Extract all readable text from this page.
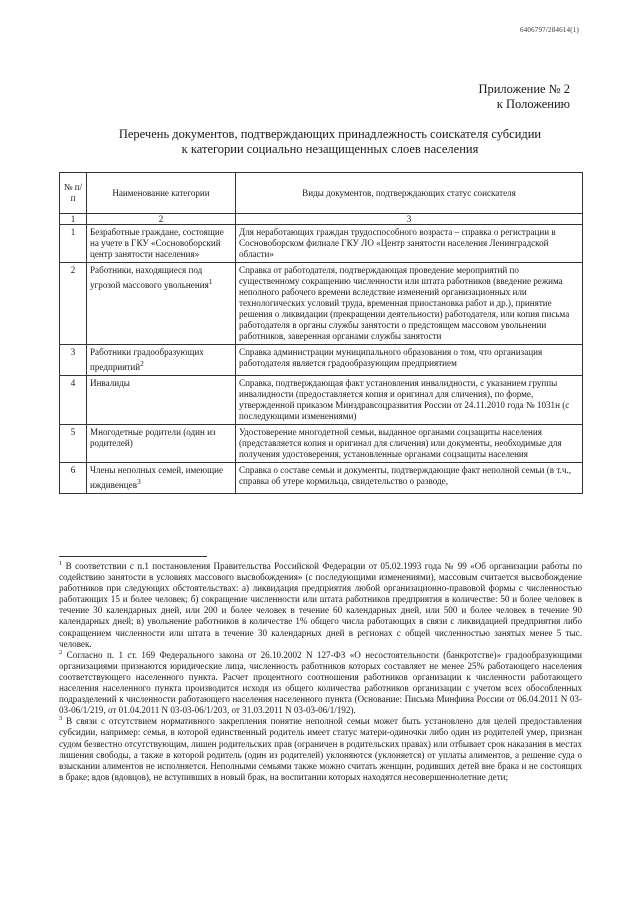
6406797/284614(1)
Приложение № 2
к Положению
Перечень документов, подтверждающих принадлежность соискателя субсидии
к категории социально незащищенных слоев населения
№ п/п	Наименование категории	Виды документов, подтверждающих статус соискателя
1	2	3
1	Безработные граждане, состоящие на учете в ГКУ «Сосновоборский центр занятости населения»	Для неработающих граждан трудоспособного возраста – справка о регистрации в Сосновоборском филиале ГКУ ЛО «Центр занятости населения Ленинградской области»
2	Работники, находящиеся под угрозой массового увольнения$^1$	Справка от работодателя, подтверждающая проведение мероприятий по существенному сокращению численности или штата работников (введение режима неполного рабочего времени вследствие изменений организационных или технологических условий труда, временная приостановка работ и др.), принятие решения о ликвидации (прекращении деятельности) работодателя, или копия письма работодателя в органы службы занятости о предстоящем массовом увольнении работников, заверенная органами службы занятости
3	Работники градообразующих предприятий$^2$	Справка администрации муниципального образования о том, что организация работодателя является градообразующим предприятием
4	Инвалиды	Справка, подтверждающая факт установления инвалидности, с указанием группы инвалидности (предоставляется копия и оригинал для сличения), по форме, утвержденной приказом Минздравсоцразвития России от 24.11.2010 года № 1031н (с последующими изменениями)
5	Многодетные родители (один из родителей)	Удостоверение многодетной семьи, выданное органами соцзащиты населения (представляется копия и оригинал для сличения) или документы, необходимые для получения удостоверения, установленные органами соцзащиты населения
6	Члены неполных семей, имеющие иждивенцев$^3$	Справка о составе семьи и документы, подтверждающие факт неполной семьи (в т.ч., справка об утере кормильца, свидетельство о разводе,

$^1$ В соответствии с п.1 постановления Правительства Российской Федерации от 05.02.1993 года № 99 «Об организации работы по содействию занятости в условиях массового высвобождения» (с последующими изменениями), массовым считается высвобождение работников при следующих обстоятельствах: а) ликвидация предприятия любой организационно-правовой формы с численностью работающих 15 и более человек; б) сокращение численности или штата работников предприятия в количестве: 50 и более человек в течение 30 календарных дней, или 200 и более человек в течение 60 календарных дней, или 500 и более человек в течение 90 календарных дней; в) увольнение работников в количестве 1% общего числа работающих в связи с ликвидацией предприятия либо сокращением численности или штата в течение 30 календарных дней в регионах с общей численностью занятых менее 5 тыс. человек.

$^2$ Согласно п. 1 ст. 169 Федерального закона от 26.10.2002 N 127-ФЗ «О несостоятельности (банкротстве)» градообразующими организациями признаются юридические лица, численность работников которых составляет не менее 25% работающего населения соответствующего населенного пункта. Расчет процентного соотношения работников организации к численности работающего населения населенного пункта производится исходя из общего количества работников организации с учетом всех обособленных подразделений к численности работающего населения населенного пункта (Основание: Письма Минфина России от 06.04.2011 N 03-03-06/1/219, от 01.04.2011 N 03-03-06/1/203, от 31.03.2011 N 03-03-06/1/192).

$^3$ В связи с отсутствием нормативного закрепления понятие неполной семьи может быть установлено для целей предоставления субсидии, например: семья, в которой единственный родитель имеет статус матери-одиночки либо один из родителей умер, признан судом безвестно отсутствующим, лишен родительских прав (ограничен в родительских правах) или отбывает срок наказания в местах лишения свободы, а также в которой родитель (один из родителей) уклоняются (уклоняется) от уплаты алиментов, а решение суда о взыскании алиментов не исполняется. Неполными семьями также можно считать женщин, родивших детей вне брака и не состоящих в браке; вдов (вдовцов), не вступивших в новый брак, на воспитании которых находятся несовершеннолетние дети;
